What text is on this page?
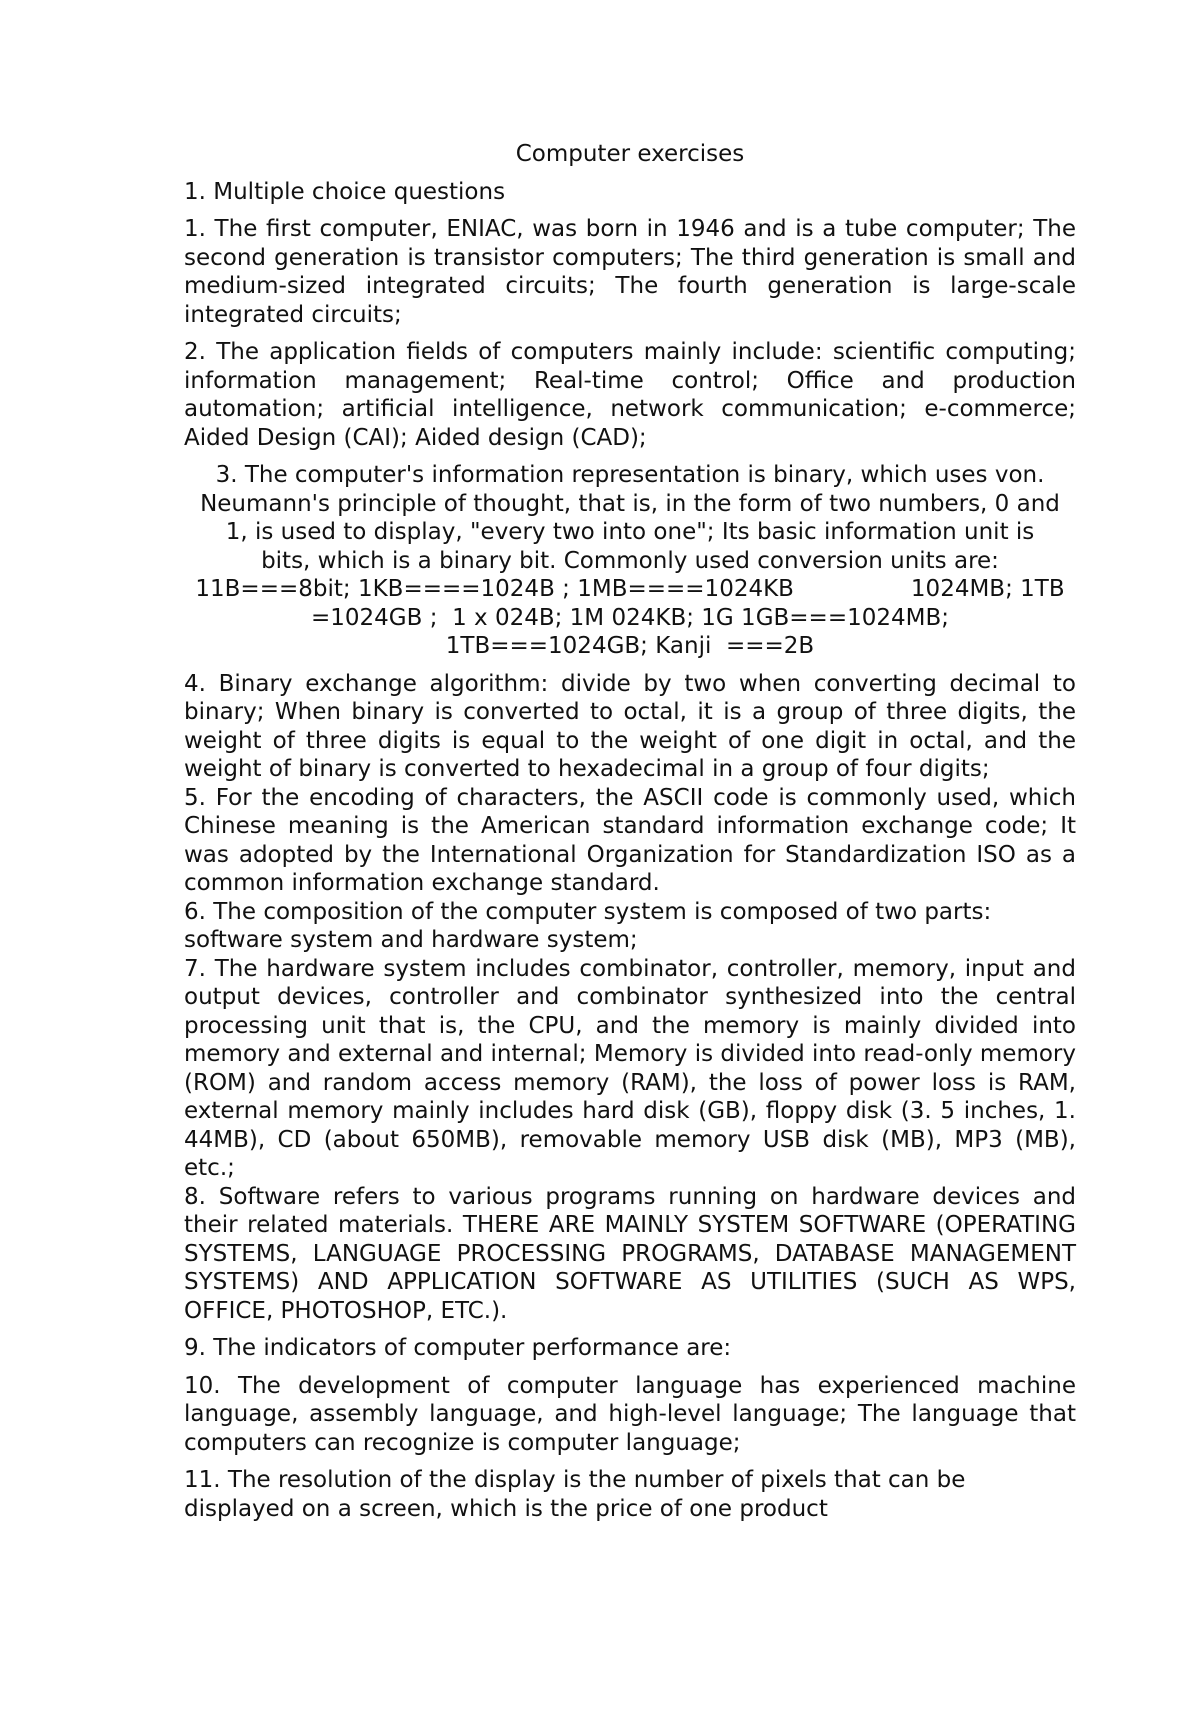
Computer exercises
1. Multiple choice questions
1. The first computer, ENIAC, was born in 1946 and is a tube computer; The second generation is transistor computers; The third generation is small and medium-sized integrated circuits; The fourth generation is large-scale integrated circuits;
2. The application fields of computers mainly include: scientific computing; information management; Real-time control; Office and production automation; artificial intelligence, network communication; e-commerce; Aided Design (CAI); Aided design (CAD);
3. The computer's information representation is binary, which uses von.
Neumann's principle of thought, that is, in the form of two numbers, 0 and
1, is used to display, "every two into one"; Its basic information unit is
bits, which is a binary bit. Commonly used conversion units are:
11B===8bit; 1KB====1024B ; 1MB====1024KB                1024MB; 1TB
=1024GB ;  1 x 024B; 1M 024KB; 1G 1GB===1024MB;
1TB===1024GB; Kanji  ===2B
4. Binary exchange algorithm: divide by two when converting decimal to binary; When binary is converted to octal, it is a group of three digits, the weight of three digits is equal to the weight of one digit in octal, and the weight of binary is converted to hexadecimal in a group of four digits;
5. For the encoding of characters, the ASCII code is commonly used, which Chinese meaning is the American standard information exchange code; It was adopted by the International Organization for Standardization ISO as a common information exchange standard.
6. The composition of the computer system is composed of two parts: software system and hardware system;
7. The hardware system includes combinator, controller, memory, input and output devices, controller and combinator synthesized into the central processing unit that is, the CPU, and the memory is mainly divided into memory and external and internal; Memory is divided into read-only memory (ROM) and random access memory (RAM), the loss of power loss is RAM, external memory mainly includes hard disk (GB), floppy disk (3. 5 inches, 1. 44MB), CD (about 650MB), removable memory USB disk (MB), MP3 (MB), etc.;
8. Software refers to various programs running on hardware devices and their related materials. THERE ARE MAINLY SYSTEM SOFTWARE (OPERATING SYSTEMS, LANGUAGE PROCESSING PROGRAMS, DATABASE MANAGEMENT SYSTEMS) AND APPLICATION SOFTWARE AS UTILITIES (SUCH AS WPS, OFFICE, PHOTOSHOP, ETC.).
9. The indicators of computer performance are:
10. The development of computer language has experienced machine language, assembly language, and high-level language; The language that computers can recognize is computer language;
11. The resolution of the display is the number of pixels that can be displayed on a screen, which is the price of one product
